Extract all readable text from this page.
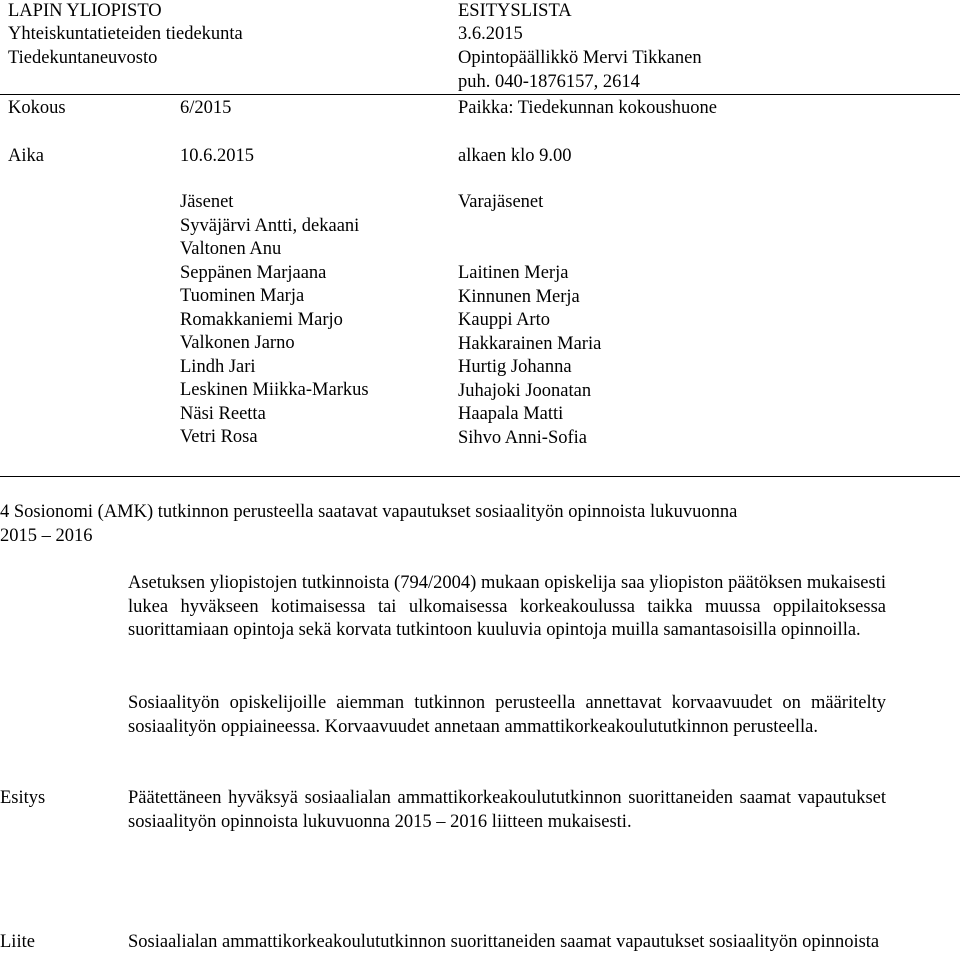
LAPIN YLIOPISTO
Yhteiskuntatieteiden tiedekunta
Tiedekuntaneuvosto
ESITYSLISTA
3.6.2015
Opintopäällikkö Mervi Tikkanen
puh. 040-1876157, 2614
Kokous	6/2015	Paikka: Tiedekunnan kokoushuone
Aika	10.6.2015	alkaen klo 9.00
Jäsenet
Syväjärvi Antti, dekaani
Valtonen Anu
Seppänen Marjaana
Tuominen Marja
Romakkaniemi Marjo
Valkonen Jarno
Lindh Jari
Leskinen Miikka-Markus
Näsi Reetta
Vetri Rosa
Varajäsenet
Laitinen Merja
Kinnunen Merja
Kauppi Arto
Hakkarainen Maria
Hurtig Johanna
Juhajoki Joonatan
Haapala Matti
Sihvo Anni-Sofia
4 Sosionomi (AMK) tutkinnon perusteella saatavat vapautukset sosiaalityön opinnoista lukuvuonna
2015 – 2016
Asetuksen yliopistojen tutkinnoista (794/2004) mukaan opiskelija saa yliopiston päätöksen mukaisesti lukea hyväkseen kotimaisessa tai ulkomaisessa korkeakoulussa taikka muussa oppilaitoksessa suorittamiaan opintoja sekä korvata tutkintoon kuuluvia opintoja muilla samantasoisilla opinnoilla.
Sosiaalityön opiskelijoille aiemman tutkinnon perusteella annettavat korvaavuudet on määritelty sosiaalityön oppiaineessa. Korvaavuudet annetaan ammattikorkeakoulututkinnon perusteella.
Esitys	Päätettäneen hyväksyä sosiaalialan ammattikorkeakoulututkinnon suorittaneiden saamat vapautukset sosiaalityön opinnoista lukuvuonna 2015 – 2016 liitteen mukaisesti.
Liite	Sosiaalialan ammattikorkeakoulututkinnon suorittaneiden saamat vapautukset sosiaalityön opinnoista
